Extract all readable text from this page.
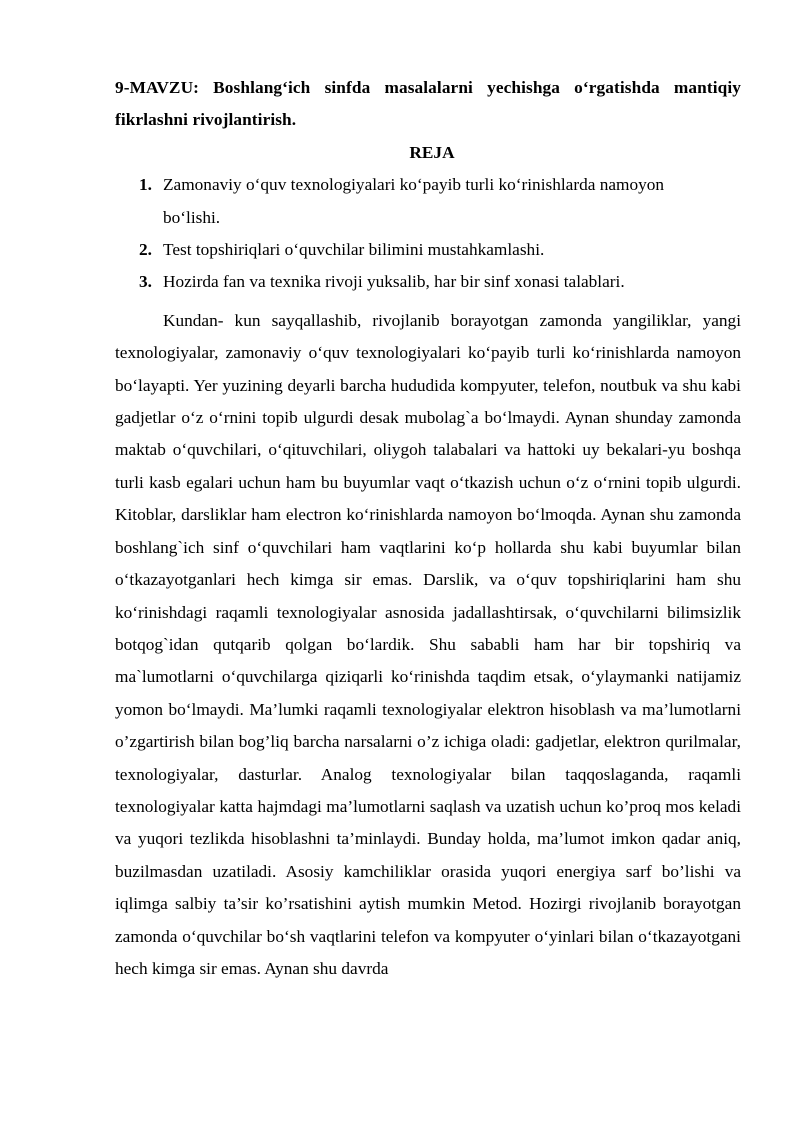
9-MAVZU: Boshlang‘ich sinfda masalalarni yechishga o‘rgatishda mantiqiy fikrlashni rivojlantirish.

REJA

1. Zamonaviy o‘quv texnologiyalari ko‘payib turli ko‘rinishlarda namoyon bo‘lishi.
2. Test topshiriqlari o‘quvchilar bilimini mustahkamlashi.
3. Hozirda fan va texnika rivoji yuksalib, har bir sinf xonasi talablari.

Kundan- kun sayqallashib, rivojlanib borayotgan zamonda yangiliklar, yangi texnologiyalar, zamonaviy o‘quv texnologiyalari ko‘payib turli ko‘rinishlarda namoyon bo‘layapti. Yer yuzining deyarli barcha hududida kompyuter, telefon, noutbuk va shu kabi gadjetlar o‘z o‘rnini topib ulgurdi desak mubolag`a bo‘lmaydi. Aynan shunday zamonda maktab o‘quvchilari, o‘qituvchilari, oliygoh talabalari va hattoki uy bekalari-yu boshqa turli kasb egalari uchun ham bu buyumlar vaqt o‘tkazish uchun o‘z o‘rnini topib ulgurdi. Kitoblar, darsliklar ham electron ko‘rinishlarda namoyon bo‘lmoqda. Aynan shu zamonda boshlang`ich sinf o‘quvchilari ham vaqtlarini ko‘p hollarda shu kabi buyumlar bilan o‘tkazayotganlari hech kimga sir emas. Darslik, va o‘quv topshiriqlarini ham shu ko‘rinishdagi raqamli texnologiyalar asnosida jadallashtirsak, o‘quvchilarni bilimsizlik botqog`idan qutqarib qolgan bo‘lardik. Shu sababli ham har bir topshiriq va ma`lumotlarni o‘quvchilarga qiziqarli ko‘rinishda taqdim etsak, o‘ylaymanki natijamiz yomon bo‘lmaydi. Ma’lumki raqamli texnologiyalar elektron hisoblash va ma’lumotlarni o’zgartirish bilan bog’liq barcha narsalarni o’z ichiga oladi: gadjetlar, elektron qurilmalar, texnologiyalar, dasturlar. Analog texnologiyalar bilan taqqoslaganda, raqamli texnologiyalar katta hajmdagi ma’lumotlarni saqlash va uzatish uchun ko’proq mos keladi va yuqori tezlikda hisoblashni ta’minlaydi. Bunday holda, ma’lumot imkon qadar aniq, buzilmasdan uzatiladi. Asosiy kamchiliklar orasida yuqori energiya sarf bo’lishi va iqlimga salbiy ta’sir ko’rsatishini aytish mumkin Metod. Hozirgi rivojlanib borayotgan zamonda o‘quvchilar bo‘sh vaqtlarini telefon va kompyuter o‘yinlari bilan o‘tkazayotgani hech kimga sir emas. Aynan shu davrda
